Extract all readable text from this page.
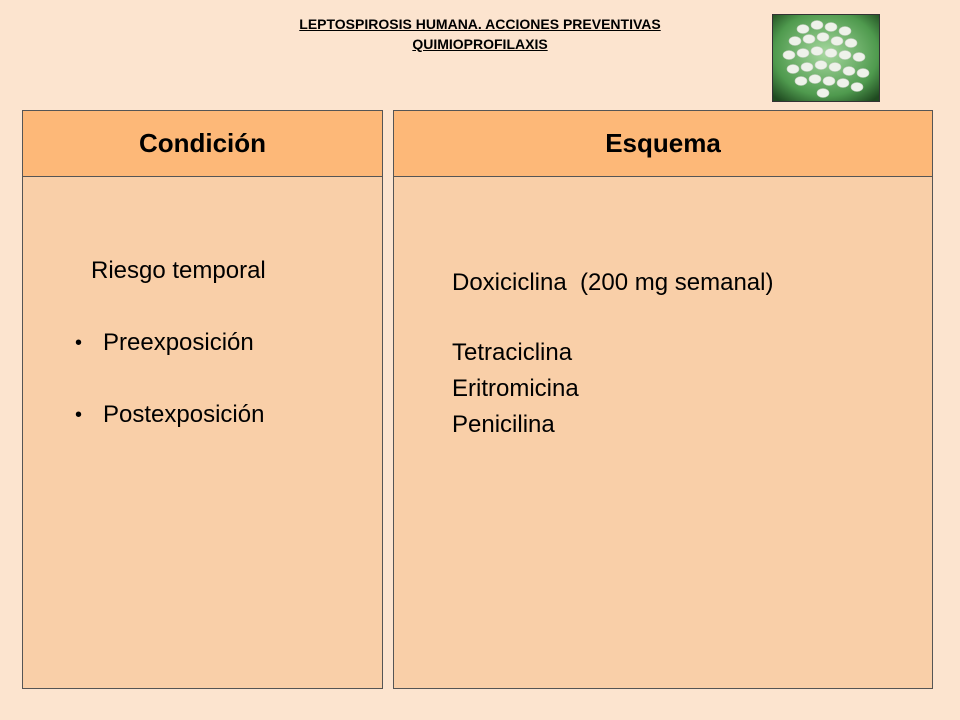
LEPTOSPIROSIS HUMANA. ACCIONES PREVENTIVAS
QUIMIOPROFILAXIS
Condición
Riesgo temporal
• Preexposición
• Postexposición
Esquema
Doxiciclina  (200 mg semanal)
Tetraciclina
Eritromicina
Penicilina
